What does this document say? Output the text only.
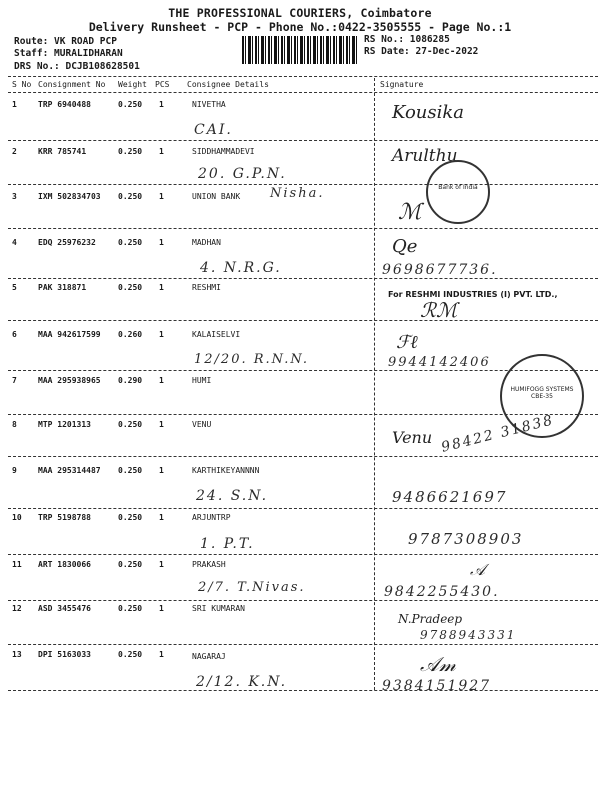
THE PROFESSIONAL COURIERS, Coimbatore
Delivery Runsheet - PCP - Phone No.:0422-3505555 - Page No.:1
Route: VK ROAD PCP
Staff: MURALIDHARAN
DRS No.: DCJB108628501
RS No.: 1086285
RS Date: 27-Dec-2022
S No Consignment No Weight PCS Consignee Details	Signature
1	TRP 6940488	0.250 1	NIVETHA
CAI.
Kousika
2	KRR 785741	0.250 1	SIDDHAMMADEVI
20. G.P.N.
Arulthu
3	IXM 502834703 0.250 1	UNION BANK Nisha.
ℳ
Bank of India
4	EDQ 25976232	0.250 1	MADHAN
4. N.R.G.
Qe
9698677736.
5	PAK 318871	0.250 1	RESHMI
For RESHMI INDUSTRIES (I) PVT. LTD.,
ℛℳ
6	MAA 942617599 0.260 1	KALAISELVI
12/20. R.N.N.
ℱℓ
9944142406
7	MAA 295938965 0.290 1	HUMI
HUMIFOGG SYSTEMS CBE-35
8	MTP 1201313	0.250 1	VENU
Venu 98422 31838
9	MAA 295314487 0.250 1	KARTHIKEYANNNN
24. S.N.	9486621697
10 TRP 5198788	0.250 1	ARJUNTRP
1. P.T.	9787308903
11 ART 1830066	0.250 1	PRAKASH
2/7. T.Nivas.
𝒜
9842255430.
12 ASD 3455476	0.250 1	SRI KUMARAN
N.Pradeep
9788943331
13 DPI 5163033	0.250 1	NAGARAJ
2/12. K.N.
𝒜𝓂
9384151927
